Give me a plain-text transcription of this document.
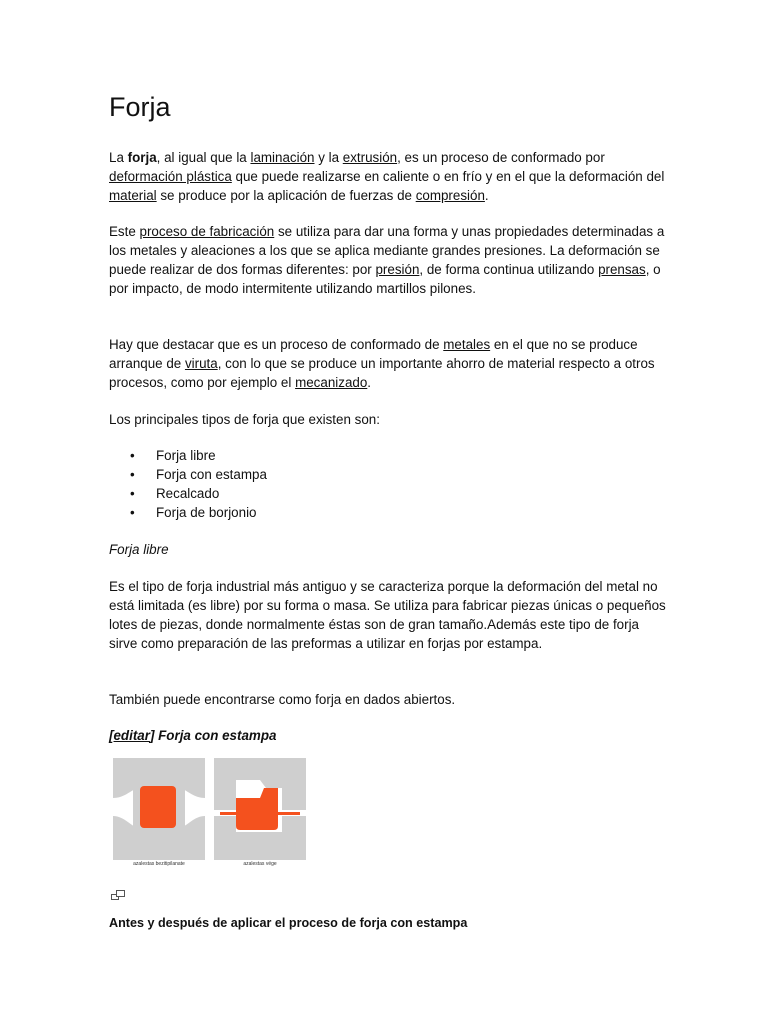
Forja

La forja, al igual que la laminación y la extrusión, es un proceso de conformado por deformación plástica que puede realizarse en caliente o en frío y en el que la deformación del material se produce por la aplicación de fuerzas de compresión.

Este proceso de fabricación se utiliza para dar una forma y unas propiedades determinadas a los metales y aleaciones a los que se aplica mediante grandes presiones. La deformación se puede realizar de dos formas diferentes: por presión, de forma continua utilizando prensas, o por impacto, de modo intermitente utilizando martillos pilones.

Hay que destacar que es un proceso de conformado de metales en el que no se produce arranque de viruta, con lo que se produce un importante ahorro de material respecto a otros procesos, como por ejemplo el mecanizado.

Los principales tipos de forja que existen son:

• Forja libre
• Forja con estampa
• Recalcado
• Forja de borjonio

Forja libre

Es el tipo de forja industrial más antiguo y se caracteriza porque la deformación del metal no está limitada (es libre) por su forma o masa. Se utiliza para fabricar piezas únicas o pequeños lotes de piezas, donde normalmente éstas son de gran tamaño.Además este tipo de forja sirve como preparación de las preformas a utilizar en forjas por estampa.

También puede encontrarse como forja en dados abiertos.

[editar] Forja con estampa

azalestas bezitipilanate	azalestas vége
Antes y después de aplicar el proceso de forja con estampa
